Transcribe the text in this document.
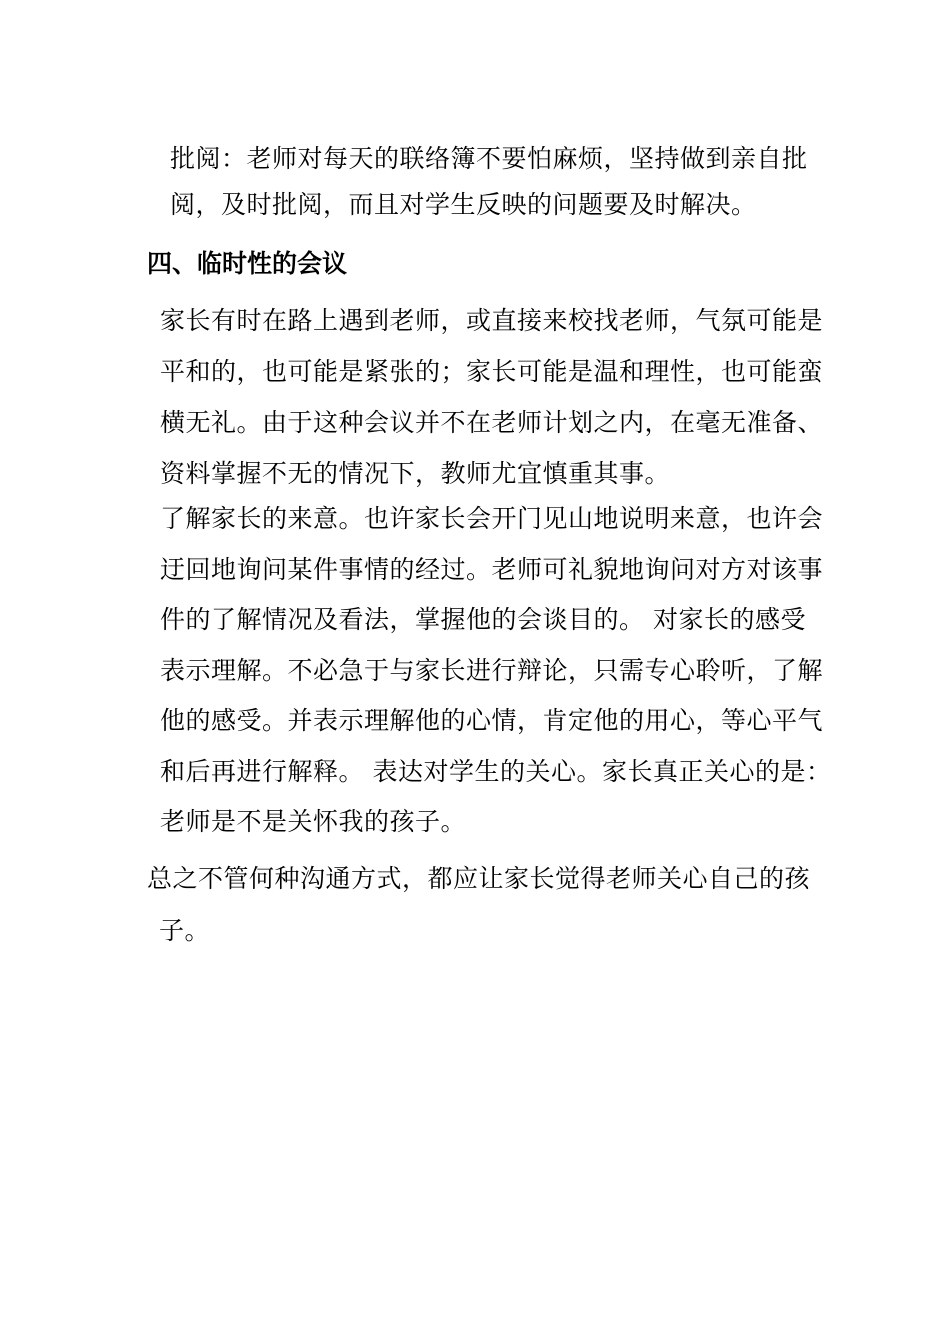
批阅：老师对每天的联络簿不要怕麻烦，坚持做到亲自批
阅，及时批阅，而且对学生反映的问题要及时解决。
四、临时性的会议
家长有时在路上遇到老师，或直接来校找老师，气氛可能是
平和的，也可能是紧张的；家长可能是温和理性，也可能蛮
横无礼。由于这种会议并不在老师计划之内，在毫无准备、
资料掌握不无的情况下，教师尤宜慎重其事。
了解家长的来意。也许家长会开门见山地说明来意，也许会
迂回地询问某件事情的经过。老师可礼貌地询问对方对该事
件的了解情况及看法，掌握他的会谈目的。 对家长的感受
表示理解。不必急于与家长进行辩论，只需专心聆听，了解
他的感受。并表示理解他的心情，肯定他的用心，等心平气
和后再进行解释。 表达对学生的关心。家长真正关心的是：
老师是不是关怀我的孩子。
总之不管何种沟通方式，都应让家长觉得老师关心自己的孩
子。
